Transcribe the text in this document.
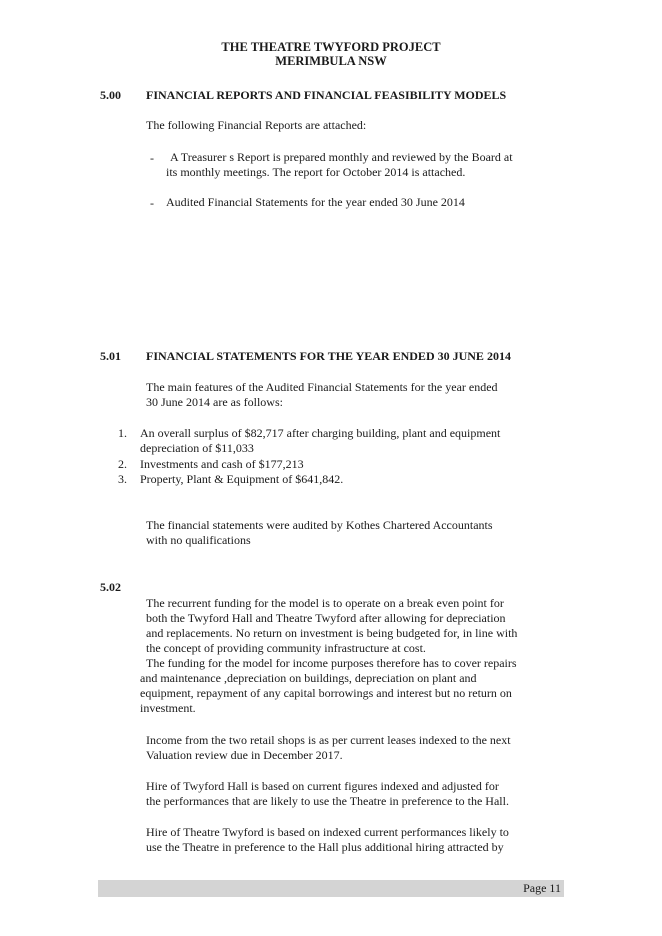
THE THEATRE TWYFORD PROJECT

MERIMBULA NSW

5.00 FINANCIAL REPORTS AND FINANCIAL FEASIBILITY MODELS

The following Financial Reports are attached:

- A Treasurer s Report is prepared monthly and reviewed by the Board at

its monthly meetings. The report for October 2014 is attached.

- Audited Financial Statements for the year ended 30 June 2014

5.01 FINANCIAL STATEMENTS FOR THE YEAR ENDED 30 JUNE 2014

The main features of the Audited Financial Statements for the year ended

30 June 2014 are as follows:

1. An overall surplus of $82,717 after charging building, plant and equipment

depreciation of $11,033

2. Investments and cash of $177,213

3. Property, Plant & Equipment of $641,842.

The financial statements were audited by Kothes Chartered Accountants

with no qualifications

5.02

The recurrent funding for the model is to operate on a break even point for

both the Twyford Hall and Theatre Twyford after allowing for depreciation

and replacements. No return on investment is being budgeted for, in line with

the concept of providing community infrastructure at cost.

The funding for the model for income purposes therefore has to cover repairs

and maintenance ,depreciation on buildings, depreciation on plant and

equipment, repayment of any capital borrowings and interest but no return on

investment.

Income from the two retail shops is as per current leases indexed to the next

Valuation review due in December 2017.

Hire of Twyford Hall is based on current figures indexed and adjusted for

the performances that are likely to use the Theatre in preference to the Hall.

Hire of Theatre Twyford is based on indexed current performances likely to

use the Theatre in preference to the Hall plus additional hiring attracted by

Page 11
